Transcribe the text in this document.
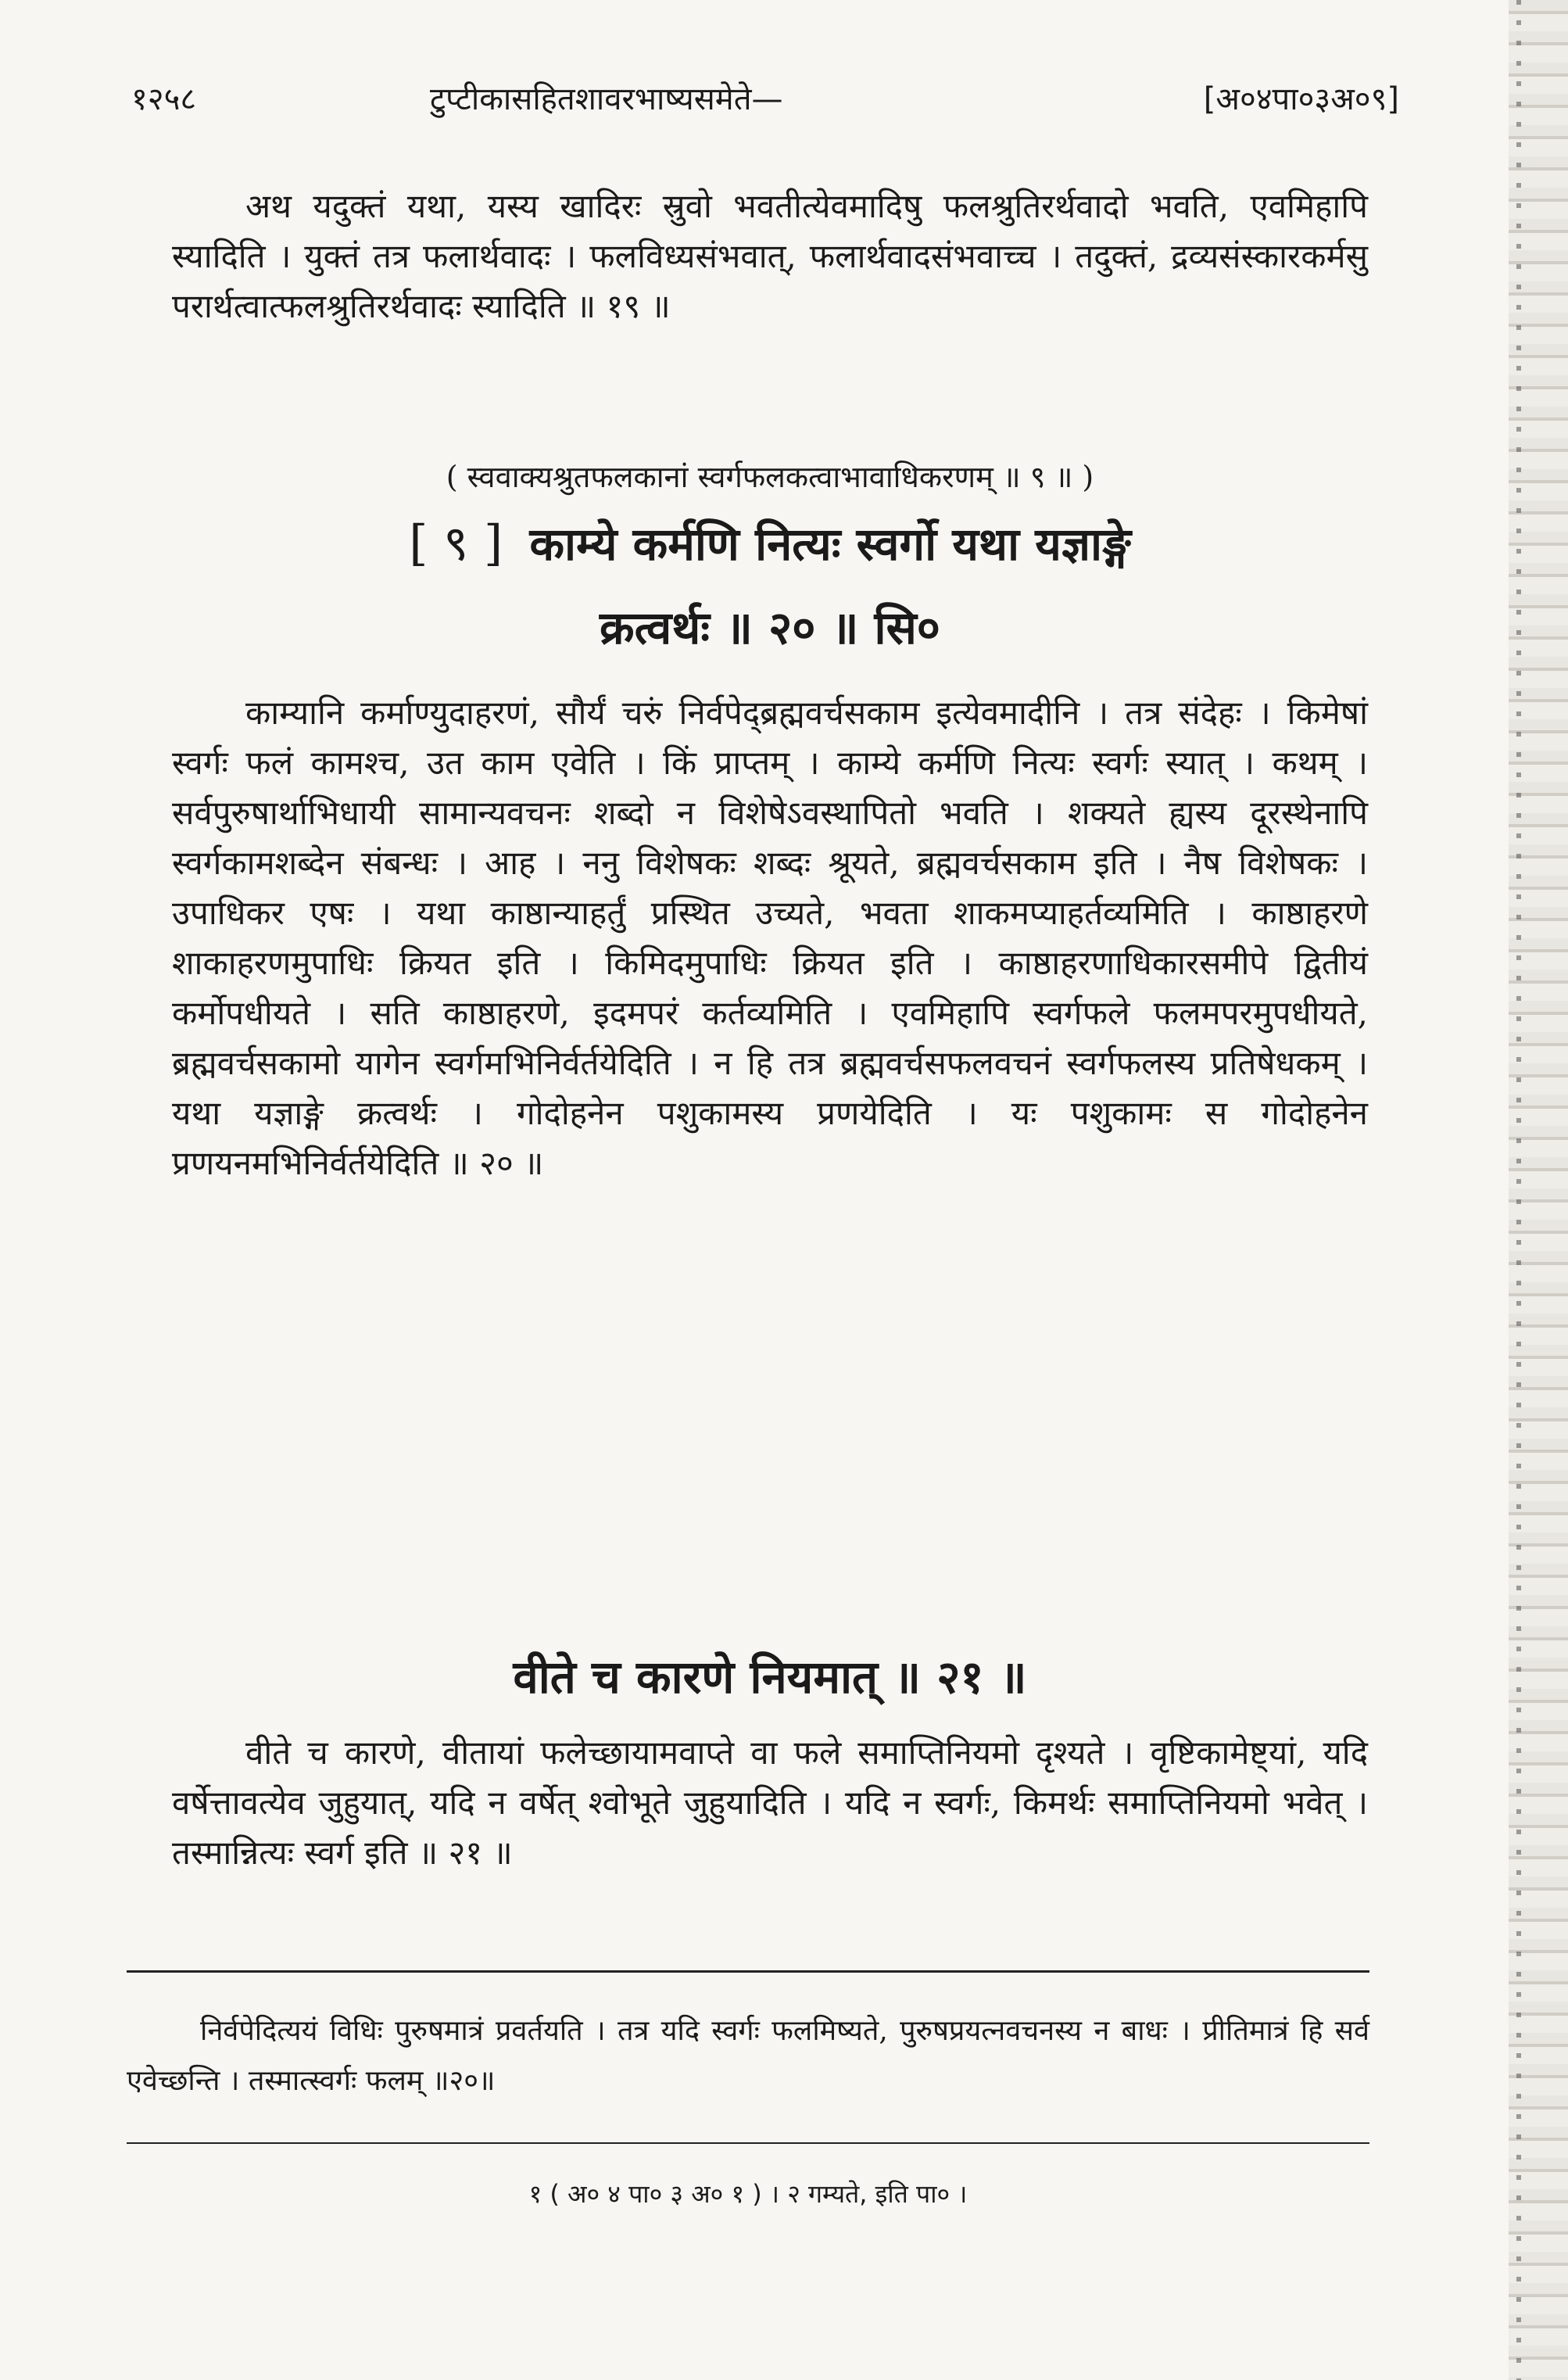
१२५८	टुप्टीकासहितशावरभाष्यसमेते—	[अ०४पा०३अ०९]
अथ यदुक्तं यथा, यस्य खादिरः स्रुवो भवतीत्येवमादिषु फलश्रुतिरर्थवादो भवति, एवमिहापि स्यादिति । युक्तं तत्र फलार्थवादः । फलविध्यसंभवात्, फलार्थवादसंभवाच्च । तदुक्तं, द्रव्यसंस्कारकर्मसु परार्थत्वात्फलश्रुतिरर्थवादः स्यादिति ॥ १९ ॥
( स्ववाक्यश्रुतफलकानां स्वर्गफलकत्वाभावाधिकरणम् ॥ ९ ॥ )
[ ९ ] काम्ये कर्मणि नित्यः स्वर्गो यथा यज्ञाङ्गे
क्रत्वर्थः ॥ २० ॥ सि०
काम्यानि कर्माण्युदाहरणं, सौर्यं चरुं निर्वपेद्ब्रह्मवर्चसकाम इत्येवमादीनि । तत्र संदेहः । किमेषां स्वर्गः फलं कामश्च, उत काम एवेति । किं प्राप्तम् । काम्ये कर्मणि नित्यः स्वर्गः स्यात् । कथम् । सर्वपुरुषार्थाभिधायी सामान्यवचनः शब्दो न विशेषेऽवस्थापितो भवति । शक्यते ह्यस्य दूरस्थेनापि स्वर्गकामशब्देन संबन्धः । आह । ननु विशेषकः शब्दः श्रूयते, ब्रह्मवर्चसकाम इति । नैष विशेषकः । उपाधिकर एषः । यथा काष्ठान्याहर्तुं प्रस्थित उच्यते, भवता शाकमप्याहर्तव्यमिति । काष्ठाहरणे शाकाहरणमुपाधिः क्रियत इति । किमिदमुपाधिः क्रियत इति । काष्ठाहरणाधिकारसमीपे द्वितीयं कर्मोपधीयते । सति काष्ठाहरणे, इदमपरं कर्तव्यमिति । एवमिहापि स्वर्गफले फलमपरमुपधीयते, ब्रह्मवर्चसकामो यागेन स्वर्गमभिनिर्वर्तयेदिति । न हि तत्र ब्रह्मवर्चसफलवचनं स्वर्गफलस्य प्रतिषेधकम् । यथा यज्ञाङ्गे क्रत्वर्थः । गोदोहनेन पशुकामस्य प्रणयेदिति । यः पशुकामः स गोदोहनेन प्रणयनमभिनिर्वर्तयेदिति ॥ २० ॥
वीते च कारणे नियमात् ॥ २१ ॥
वीते च कारणे, वीतायां फलेच्छायामवाप्ते वा फले समाप्तिनियमो दृश्यते । वृष्टिकामेष्ट्यां, यदि वर्षेत्तावत्येव जुहुयात्, यदि न वर्षेत् श्वोभूते जुहुयादिति । यदि न स्वर्गः, किमर्थः समाप्तिनियमो भवेत् । तस्मान्नित्यः स्वर्ग इति ॥ २१ ॥
निर्वपेदित्ययं विधिः पुरुषमात्रं प्रवर्तयति । तत्र यदि स्वर्गः फलमिष्यते, पुरुषप्रयत्नवचनस्य न बाधः । प्रीतिमात्रं हि सर्व एवेच्छन्ति । तस्मात्स्वर्गः फलम् ॥२०॥
१ ( अ० ४ पा० ३ अ० १ ) । २ गम्यते, इति पा० ।
